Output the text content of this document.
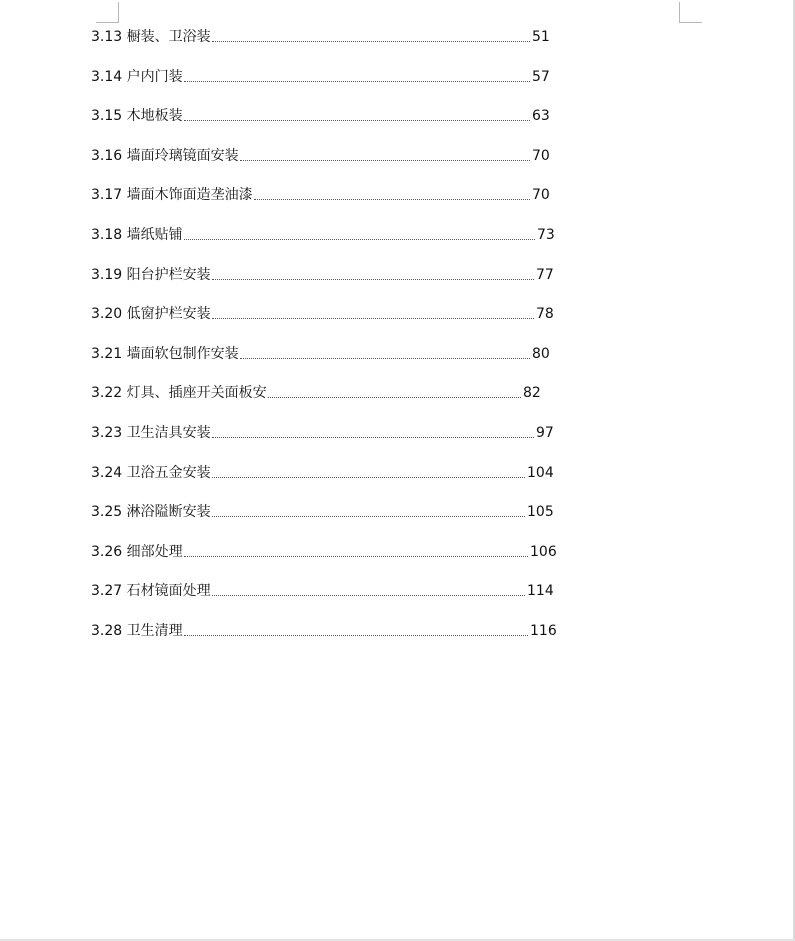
3.13 橱装、卫浴装	51
3.14 户内门装	57
3.15 木地板装	63
3.16 墙面玲璃镜面安装	70
3.17 墙面木饰面造垄油漆	70
3.18 墙纸贴铺	73
3.19 阳台护栏安装	77
3.20 低窗护栏安装	78
3.21 墙面软包制作安装	80
3.22 灯具、插座开关面板安	82
3.23 卫生洁具安装	97
3.24 卫浴五金安装	104
3.25 淋浴隘断安装	105
3.26 细部处理	106
3.27 石材镜面处理	114
3.28 卫生清理	116
